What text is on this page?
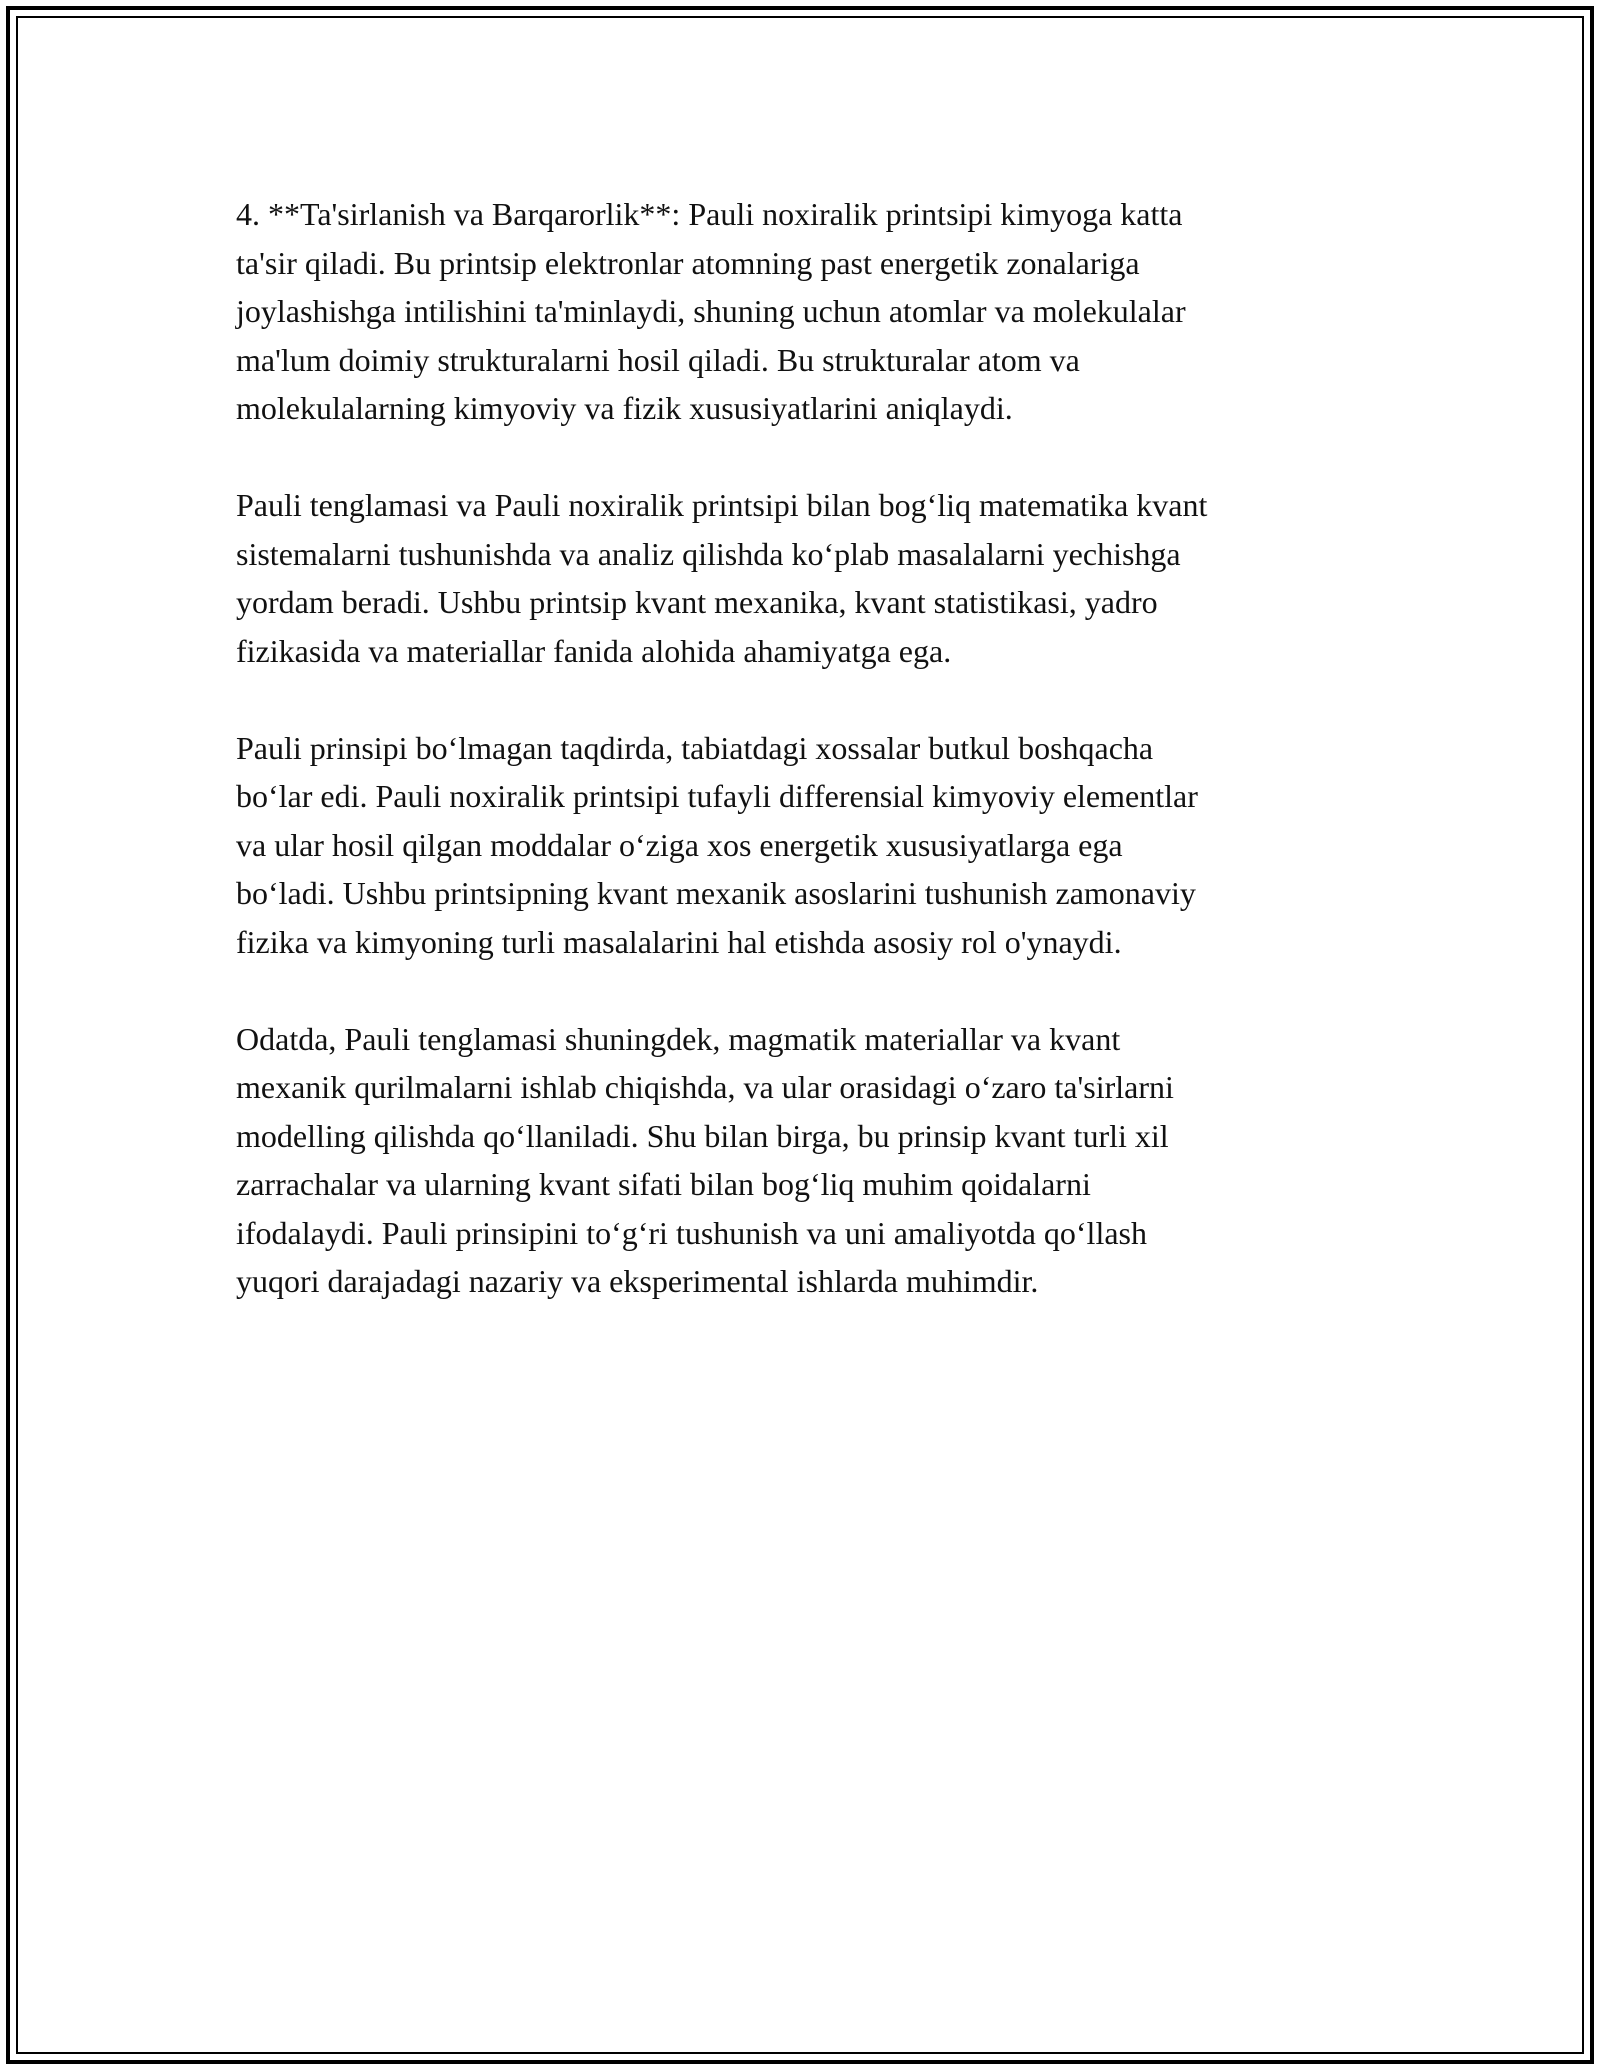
4. **Ta'sirlanish va Barqarorlik**: Pauli noxiralik printsipi kimyoga katta
ta'sir qiladi. Bu printsip elektronlar atomning past energetik zonalariga
joylashishga intilishini ta'minlaydi, shuning uchun atomlar va molekulalar
ma'lum doimiy strukturalarni hosil qiladi. Bu strukturalar atom va
molekulalarning kimyoviy va fizik xususiyatlarini aniqlaydi.

Pauli tenglamasi va Pauli noxiralik printsipi bilan bog‘liq matematika kvant
sistemalarni tushunishda va analiz qilishda ko‘plab masalalarni yechishga
yordam beradi. Ushbu printsip kvant mexanika, kvant statistikasi, yadro
fizikasida va materiallar fanida alohida ahamiyatga ega.

Pauli prinsipi bo‘lmagan taqdirda, tabiatdagi xossalar butkul boshqacha
bo‘lar edi. Pauli noxiralik printsipi tufayli differensial kimyoviy elementlar
va ular hosil qilgan moddalar o‘ziga xos energetik xususiyatlarga ega
bo‘ladi. Ushbu printsipning kvant mexanik asoslarini tushunish zamonaviy
fizika va kimyoning turli masalalarini hal etishda asosiy rol o'ynaydi.

Odatda, Pauli tenglamasi shuningdek, magmatik materiallar va kvant
mexanik qurilmalarni ishlab chiqishda, va ular orasidagi o‘zaro ta'sirlarni
modelling qilishda qo‘llaniladi. Shu bilan birga, bu prinsip kvant turli xil
zarrachalar va ularning kvant sifati bilan bog‘liq muhim qoidalarni
ifodalaydi. Pauli prinsipini to‘g‘ri tushunish va uni amaliyotda qo‘llash
yuqori darajadagi nazariy va eksperimental ishlarda muhimdir.
